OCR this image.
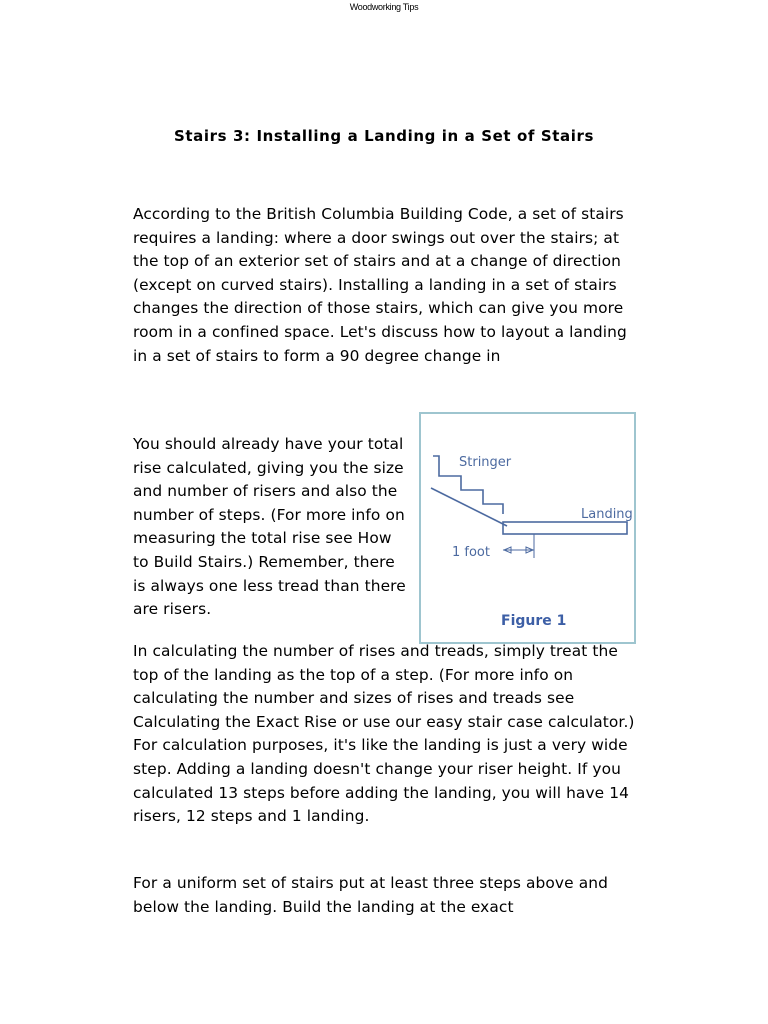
Woodworking Tips
Stairs 3: Installing a Landing in a Set of Stairs

According to the British Columbia Building Code, a set of stairs requires a landing: where a door swings out over the stairs; at the top of an exterior set of stairs and at a change of direction (except on curved stairs). Installing a landing in a set of stairs changes the direction of those stairs, which can give you more room in a confined space. Let's discuss how to layout a landing in a set of stairs to form a 90 degree change in

You should already have your total rise calculated, giving you the size and number of risers and also the number of steps. (For more info on measuring the total rise see How to Build Stairs.) Remember, there is always one less tread than there are risers.

Stringer
Landing
1 foot
Figure 1

In calculating the number of rises and treads, simply treat the top of the landing as the top of a step. (For more info on calculating the number and sizes of rises and treads see Calculating the Exact Rise or use our easy stair case calculator.) For calculation purposes, it's like the landing is just a very wide step. Adding a landing doesn't change your riser height. If you calculated 13 steps before adding the landing, you will have 14 risers, 12 steps and 1 landing.

For a uniform set of stairs put at least three steps above and below the landing. Build the landing at the exact
